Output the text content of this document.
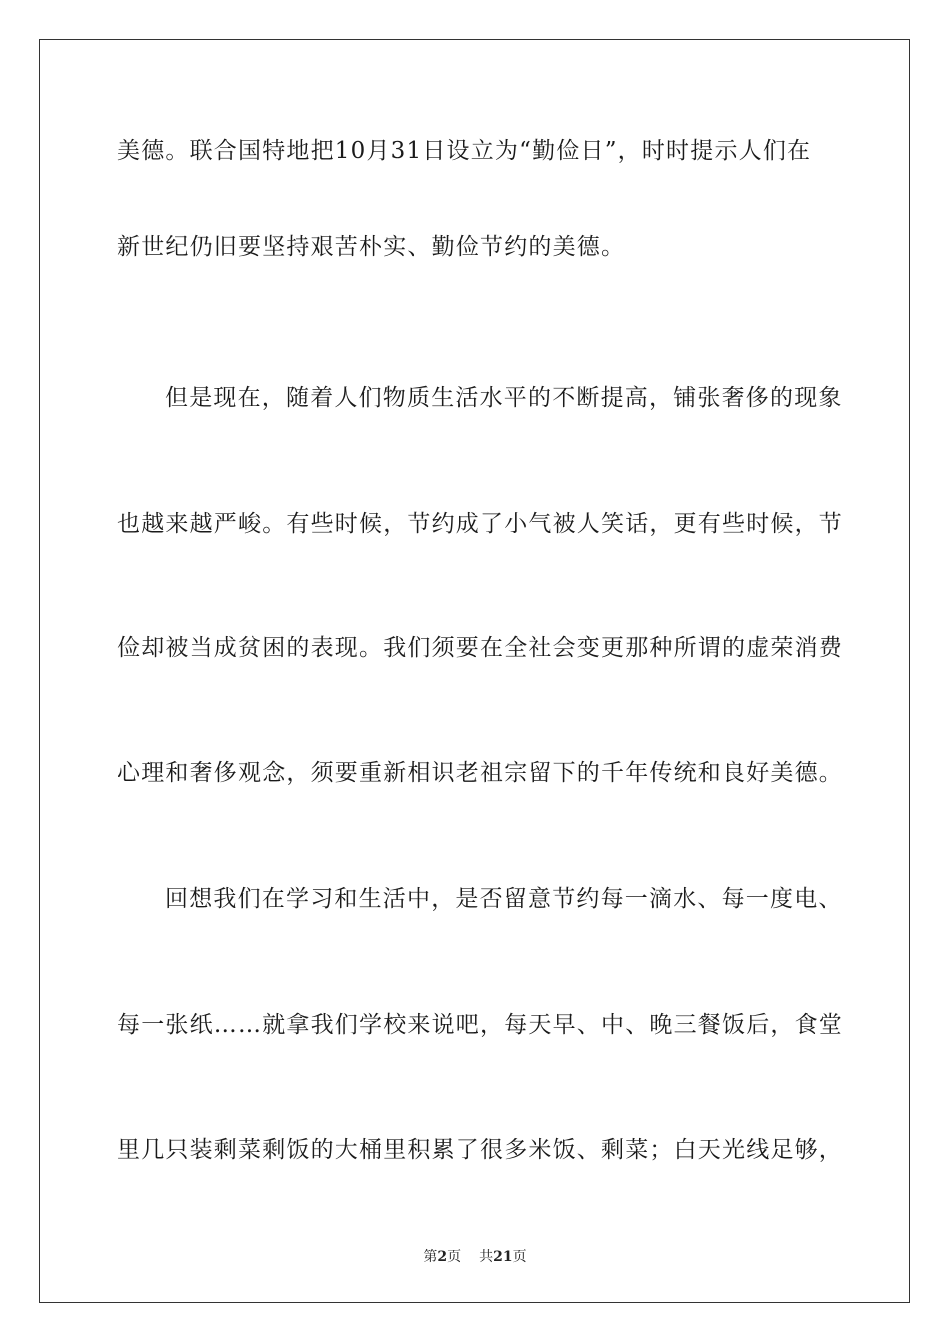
美德。联合国特地把10月31日设立为“勤俭日”，时时提示人们在
新世纪仍旧要坚持艰苦朴实、勤俭节约的美德。
但是现在，随着人们物质生活水平的不断提高，铺张奢侈的现象
也越来越严峻。有些时候，节约成了小气被人笑话，更有些时候，节
俭却被当成贫困的表现。我们须要在全社会变更那种所谓的虚荣消费
心理和奢侈观念，须要重新相识老祖宗留下的千年传统和良好美德。
回想我们在学习和生活中，是否留意节约每一滴水、每一度电、
每一张纸……就拿我们学校来说吧，每天早、中、晚三餐饭后，食堂
里几只装剩菜剩饭的大桶里积累了很多米饭、剩菜；白天光线足够，
第2页 共21页
